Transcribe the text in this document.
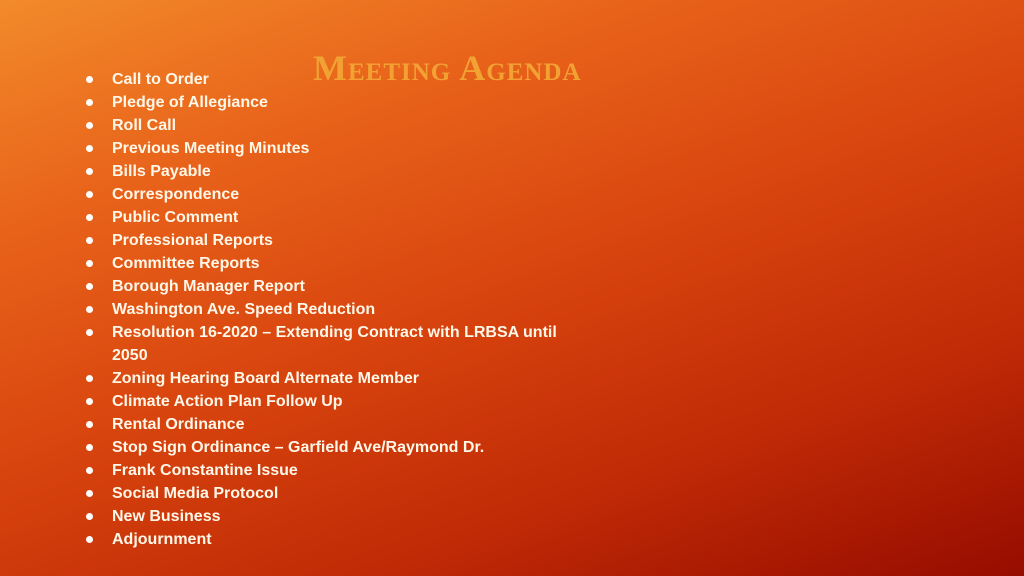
Meeting Agenda
Call to Order
Pledge of Allegiance
Roll Call
Previous Meeting Minutes
Bills Payable
Correspondence
Public Comment
Professional Reports
Committee Reports
Borough Manager Report
Washington Ave. Speed Reduction
Resolution 16-2020 – Extending Contract with LRBSA until 2050
Zoning Hearing Board Alternate Member
Climate Action Plan Follow Up
Rental Ordinance
Stop Sign Ordinance – Garfield Ave/Raymond Dr.
Frank Constantine Issue
Social Media Protocol
New Business
Adjournment
